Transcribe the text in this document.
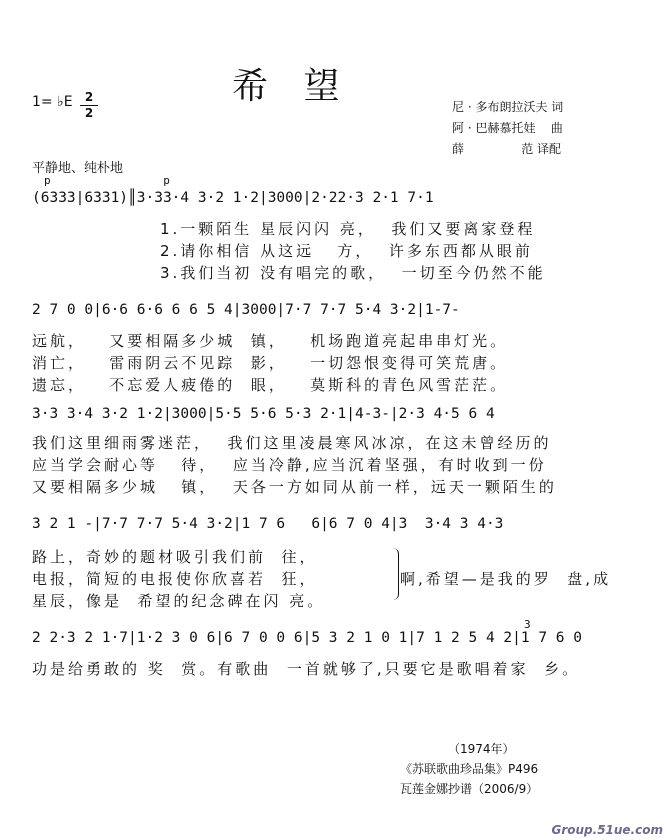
希 望
1= ♭E	2
2	尼 · 多布朗拉沃夫 词
阿 · 巴赫慕托娃    曲
薛               范 译配
平静地、纯朴地
p                 p
(6333|6331)║3·33·4 3·2 1·2|3000|2·22·3 2·1 7·1
1.一颗陌生 星辰闪闪 亮，  我们又要离家登程
2.请你相信 从这远   方，  许多东西都从眼前
3.我们当初 没有唱完的歌，  一切至今仍然不能
2 7 0 0|6·6 6·6 6 6 5 4|3000|7·7 7·7 5·4 3·2|1-7-
远航，   又要相隔多少城  镇，   机场跑道亮起串串灯光。
消亡，   雷雨阴云不见踪  影，   一切怨恨变得可笑荒唐。
遗忘，   不忘爱人疲倦的  眼，   莫斯科的青色风雪茫茫。
3·3 3·4 3·2 1·2|3000|5·5 5·6 5·3 2·1|4-3-|2·3 4·5 6 4
我们这里细雨雾迷茫，  我们这里凌晨寒风冰凉，在这未曾经历的
应当学会耐心等   待，  应当冷静,应当沉着坚强，有时收到一份
又要相隔多少城   镇，  天各一方如同从前一样，远天一颗陌生的
3 2 1 -|7·7 7·7 5·4 3·2|1 7 6   6|6 7 0 4|3  3·4 3 4·3
路上，奇妙的题材吸引我们前  往，
电报，简短的电报使你欣喜若  狂，
星辰，像是  希望的纪念碑在闪 亮。
啊,希望—是我的罗  盘,成
3
2 2·3 2 1·7|1·2 3 0 6|6 7 0 0 6|5 3 2 1 0 1|7 1 2 5 4 2|1 7 6 0
功是给勇敢的 奖  赏。有歌曲  一首就够了,只要它是歌唱着家  乡。
（1974年）
《苏联歌曲珍品集》P496
瓦莲金娜抄谱（2006/9）
Group.51ue.com
